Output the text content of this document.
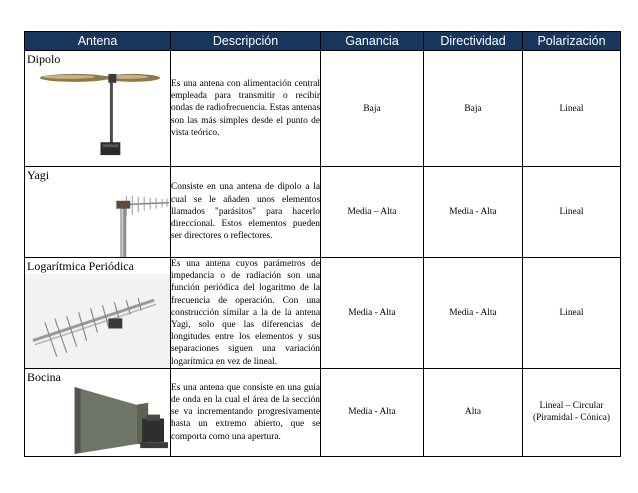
Antena	Descripción	Ganancia	Directividad	Polarización

Dipolo	Es una antena con alimentación central empleada para transmitir o recibir ondas de radiofrecuencia. Estas antenas son las más simples desde el punto de vista teórico.	Baja	Baja	Lineal

Yagi	Consiste en una antena de dipolo a la cual se le añaden unos elementos llamados "parásitos" para hacerlo direccional. Estos elementos pueden ser directores o reflectores.	Media – Alta	Media - Alta	Lineal

Logarítmica Periódica	Es una antena cuyos parámetros de impedancia o de radiación son una función periódica del logaritmo de la frecuencia de operación. Con una construcción similar a la de la antena Yagi, solo que las diferencias de longitudes entre los elementos y sus separaciones siguen una variación logarítmica en vez de lineal.	Media - Alta	Media - Alta	Lineal

Bocina	Es una antena que consiste en una guía de onda en la cual el área de la sección se va incrementando progresivamente hasta un extremo abierto, que se comporta como una apertura.	Media - Alta	Alta	Lineal – Circular
(Piramidal - Cónica)
